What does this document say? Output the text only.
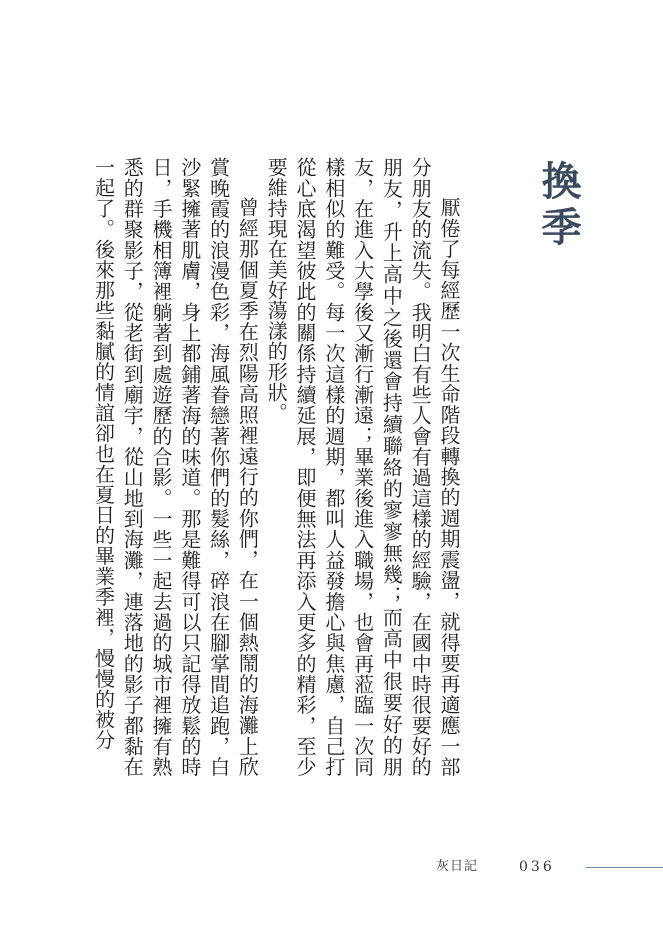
換季

厭倦了每經歷一次生命階段轉換的週期震盪，就得要再適應一部分朋友的流失。我明白有些人會有過這樣的經驗，在國中時很要好的朋友，升上高中之後還會持續聯絡的寥寥無幾；而高中很要好的朋友，在進入大學後又漸行漸遠；畢業後進入職場，也會再蒞臨一次同樣相似的難受。每一次這樣的週期，都叫人益發擔心與焦慮，自己打從心底渴望彼此的關係持續延展，即便無法再添入更多的精彩，至少要維持現在美好蕩漾的形狀。

曾經那個夏季在烈陽高照裡遠行的你們，在一個熱鬧的海灘上欣賞晚霞的浪漫色彩，海風眷戀著你們的髮絲，碎浪在腳掌間追跑，白沙緊擁著肌膚，身上都鋪著海的味道。那是難得可以只記得放鬆的時日，手機相簿裡躺著到處遊歷的合影。一些一起去過的城市裡擁有熟悉的群聚影子，從老街到廟宇，從山地到海灘，連落地的影子都黏在一起了。後來那些黏膩的情誼卻也在夏日的畢業季裡，慢慢的被分

灰日記	036
